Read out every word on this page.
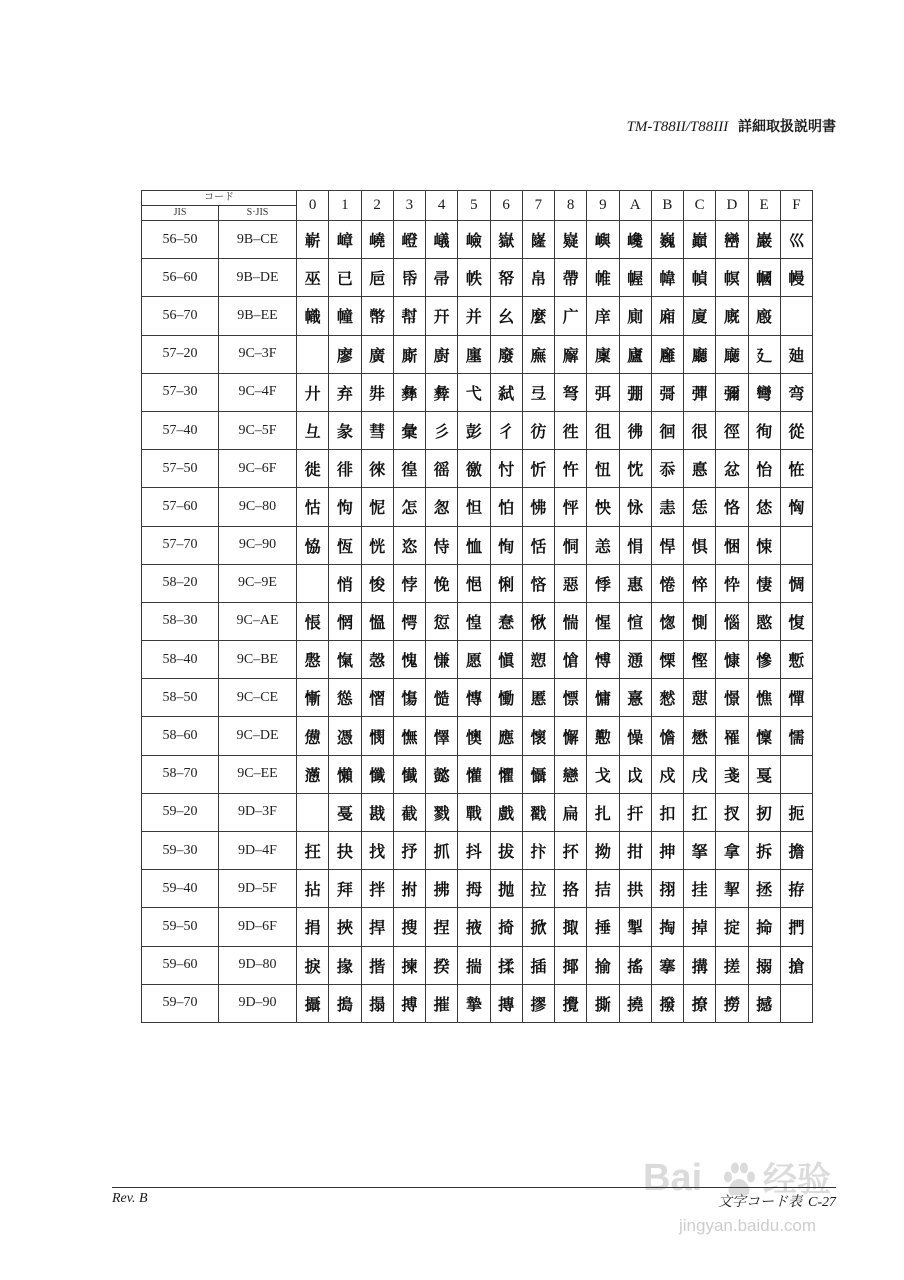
TM-T88II/T88III 詳細取扱説明書
コード		0	1	2	3	4	5	6	7	8	9	A	B	C	D	E	F
JIS	S·JIS																
56–50	9B–CE	嶄	嶂	嶢	嶝	嶬	嶮	嶽	嶐	嶷	嶼	巉	巍	巓	巒	巖	巛
56–60	9B–DE	巫	已	巵	帋	帚	帙	帑	帛	帶	帷	幄	幃	幀	幎	幗	幔
56–70	9B–EE	幟	幢	幤	幇	幵	并	幺	麼	广	庠	廁	廂	廈	廐	廏	
57–20	9C–3F		廖	廣	廝	廚	廛	廢	廡	廨	廩	廬	廱	廳	廰	廴	廸
57–30	9C–4F	廾	弃	弉	彝	彜	弋	弑	弖	弩	弭	弸	彁	彈	彌	彎	弯
57–40	9C–5F	彑	彖	彗	彙	彡	彭	彳	彷	徃	徂	彿	徊	很	徑	徇	從
57–50	9C–6F	徙	徘	徠	徨	徭	徼	忖	忻	忤	忸	忱	忝	悳	忿	怡	恠
57–60	9C–80	怙	怐	怩	怎	怱	怛	怕	怫	怦	怏	怺	恚	恁	恪	恷	恟
57–70	9C–90	恊	恆	恍	恣	恃	恤	恂	恬	恫	恙	悁	悍	惧	悃	悚	
58–20	9C–9E		悄	悛	悖	悗	悒	悧	悋	惡	悸	惠	惓	悴	忰	悽	惆
58–30	9C–AE	悵	惘	慍	愕	愆	惶	惷	愀	惴	惺	愃	愡	惻	惱	愍	愎
58–40	9C–BE	慇	愾	愨	愧	慊	愿	愼	愬	愴	愽	慂	慄	慳	慷	慘	慙
58–50	9C–CE	慚	慫	慴	慯	慥	慱	慟	慝	慓	慵	憙	憖	憇	憬	憔	憚
58–60	9C–DE	憊	憑	憫	憮	懌	懊	應	懷	懈	懃	懆	憺	懋	罹	懍	懦
58–70	9C–EE	懣	懶	懺	懴	懿	懽	懼	懾	戀	戈	戉	戍	戌	戔	戛	
59–20	9D–3F		戞	戡	截	戮	戰	戲	戳	扁	扎	扞	扣	扛	扠	扨	扼
59–30	9D–4F	抂	抉	找	抒	抓	抖	拔	抃	抔	拗	拑	抻	拏	拿	拆	擔
59–40	9D–5F	拈	拜	拌	拊	拂	拇	抛	拉	挌	拮	拱	挧	挂	挈	拯	拵
59–50	9D–6F	捐	挾	捍	搜	捏	掖	掎	掀	掫	捶	掣	掏	掉	掟	掵	捫
59–60	9D–80	捩	掾	揩	揀	揆	揣	揉	插	揶	揄	搖	搴	搆	搓	搦	搶
59–70	9D–90	攝	搗	搨	搏	摧	摯	摶	摎	攪	撕	撓	撥	撩	撈	撼	
Bai 经验
jingyan.baidu.com
Rev. B	文字コード表 C-27
